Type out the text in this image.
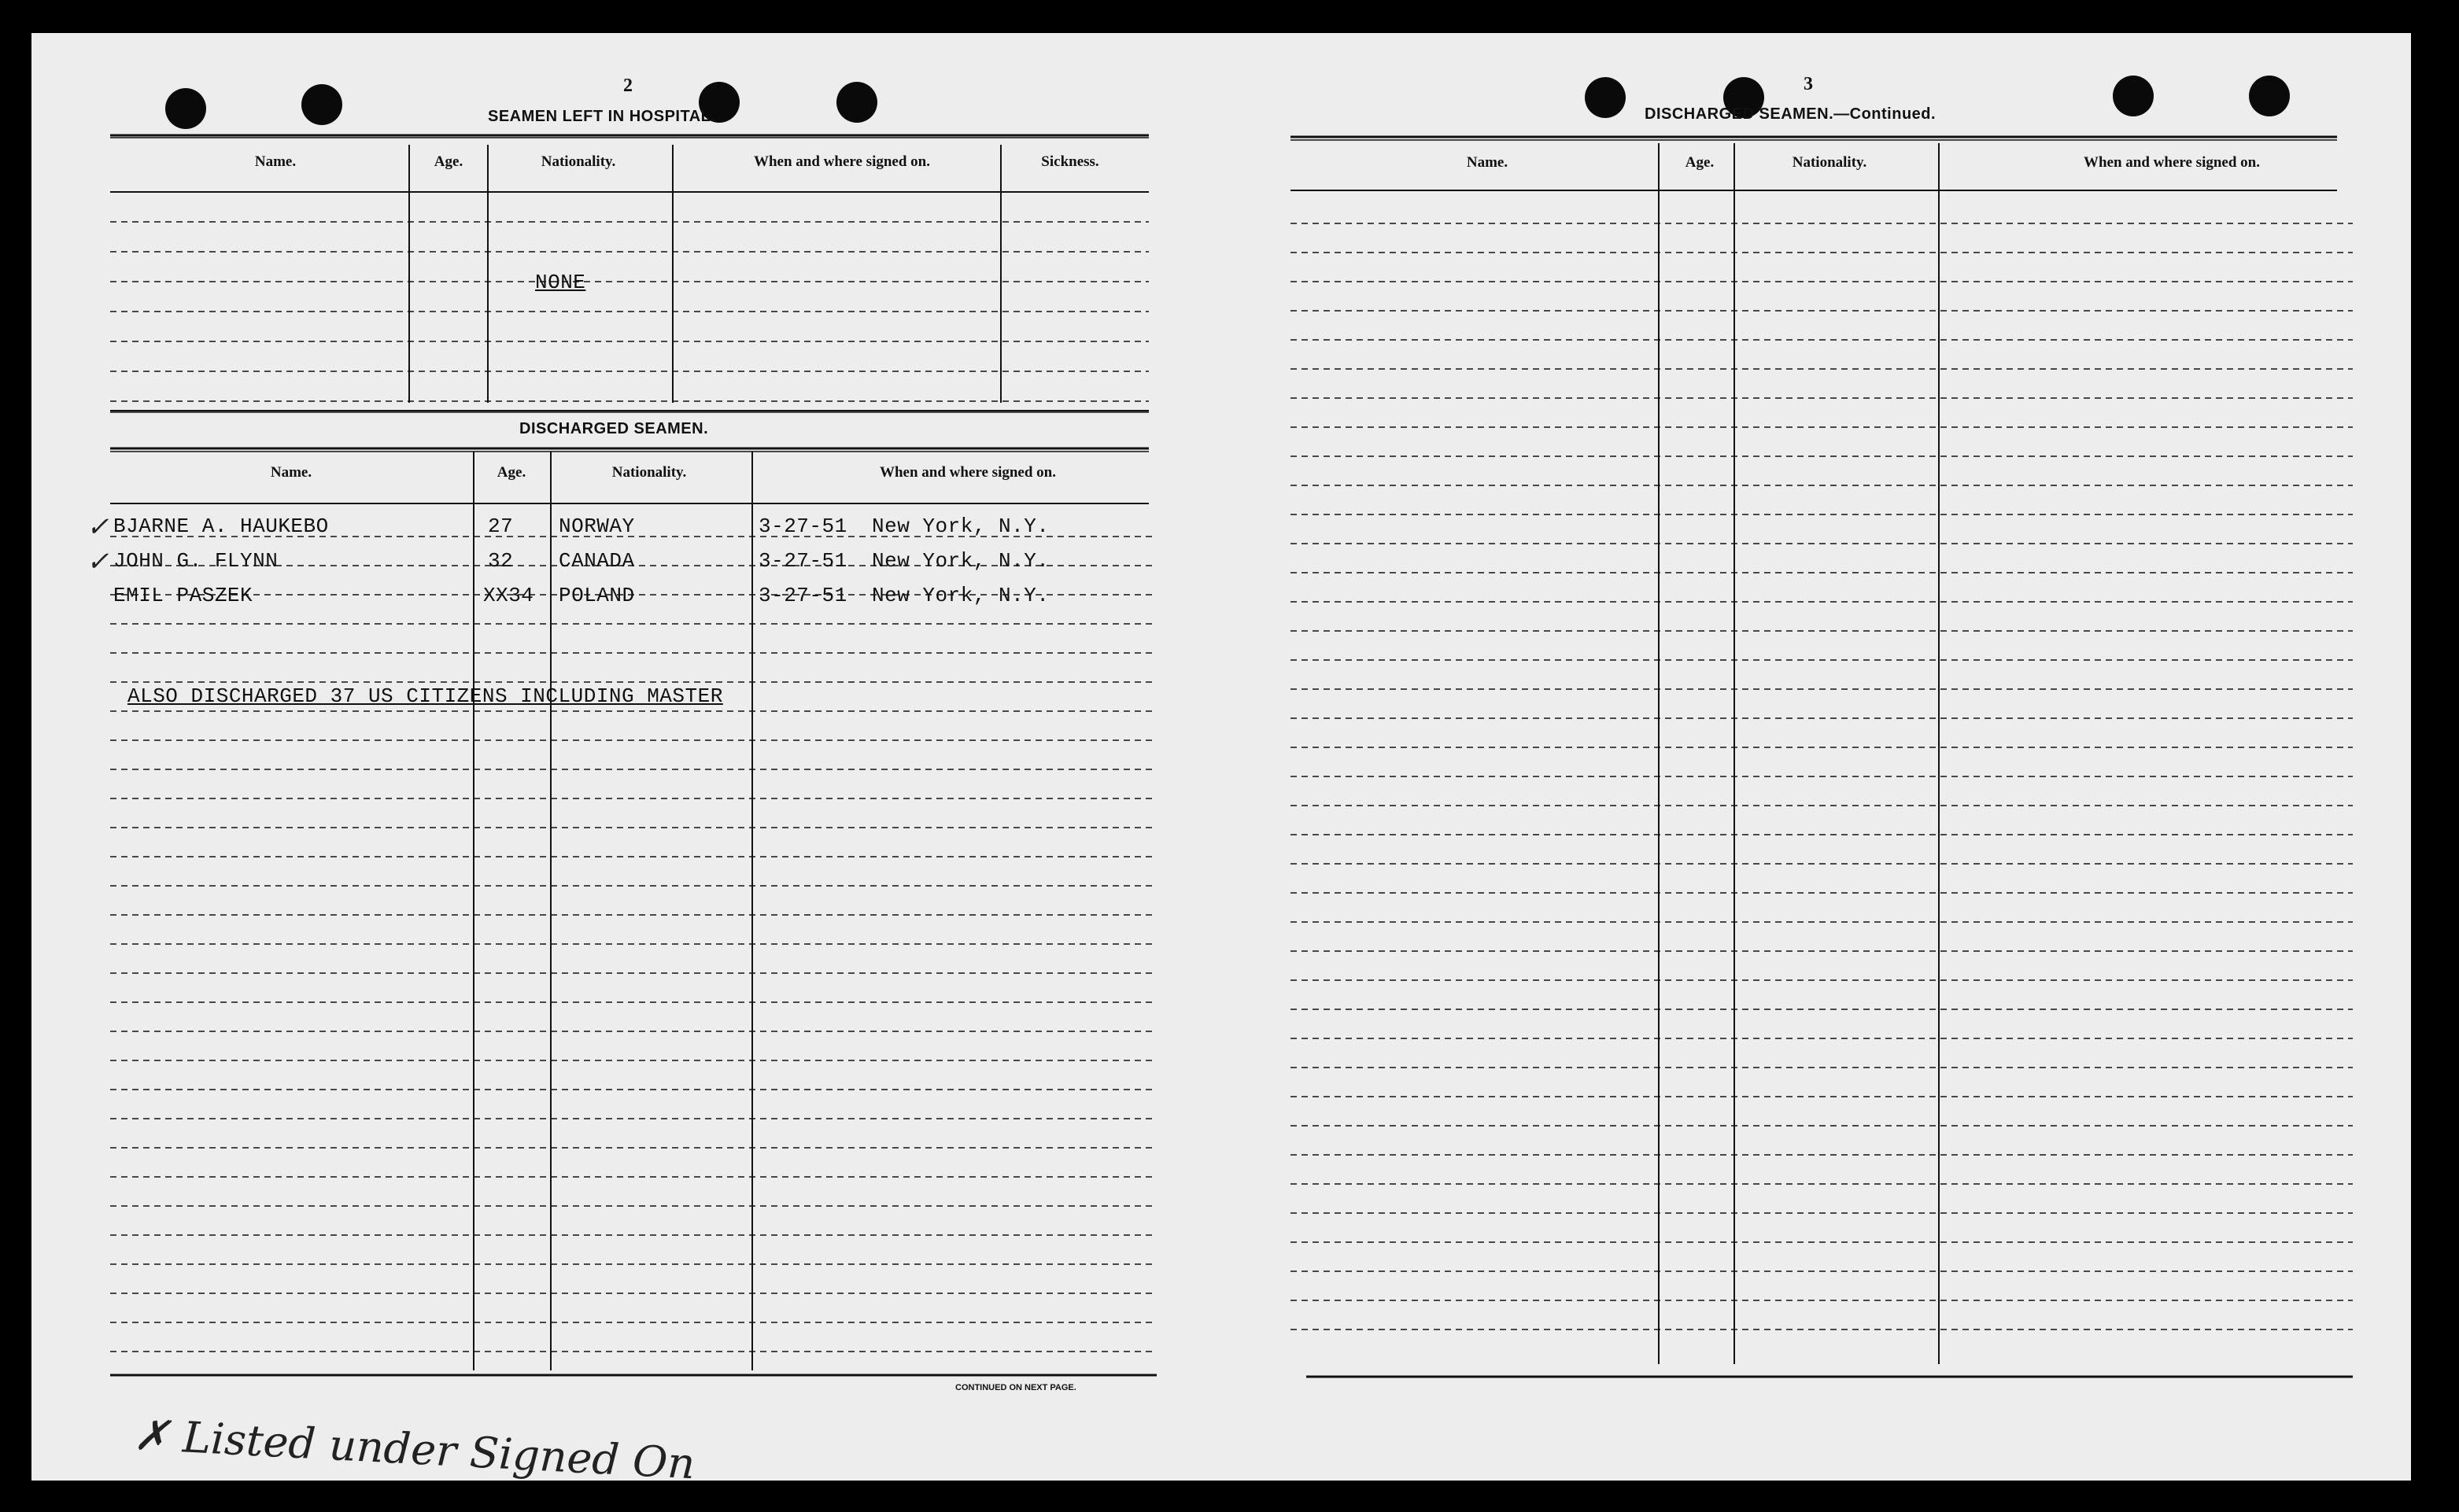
2
SEAMEN LEFT IN HOSPITAL.
Name.	Age.	Nationality.	When and where signed on.	Sickness.
NONE
DISCHARGED SEAMEN.
Name.	Age.	Nationality.	When and where signed on.
✓ BJARNE A. HAUKEBO	27 NORWAY	3-27-51 New York, N.Y.
✓ JOHN G. FLYNN	32 CANADA	3-27-51 New York, N.Y.
EMIL PASZEK	XX34 POLAND	3-27-51 New York, N.Y.
ALSO DISCHARGED 37 US CITIZENS INCLUDING MASTER
CONTINUED ON NEXT PAGE.
✗ Listed under Signed On
3
DISCHARGED SEAMEN.—Continued.
Name.	Age.	Nationality.	When and where signed on.
